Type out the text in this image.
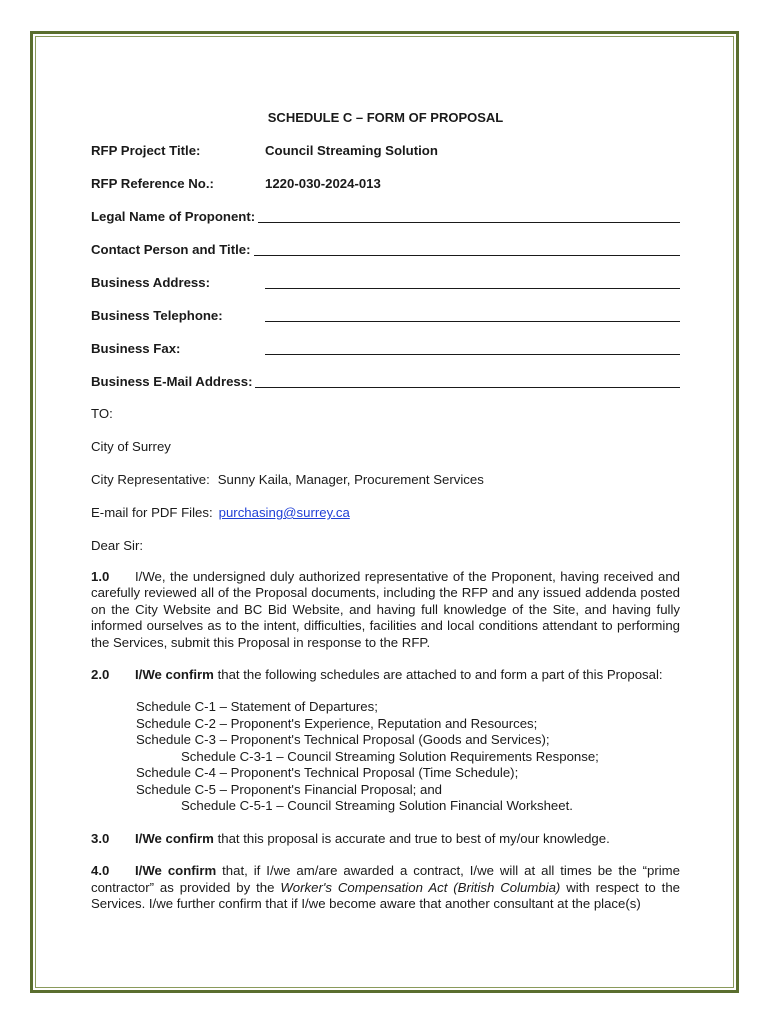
SCHEDULE C – FORM OF PROPOSAL
RFP Project Title:	Council Streaming Solution
RFP Reference No.:	1220-030-2024-013
Legal Name of Proponent:
Contact Person and Title:
Business Address:
Business Telephone:
Business Fax:
Business E-Mail Address:
TO:
City of Surrey
City Representative: Sunny Kaila, Manager, Procurement Services
E-mail for PDF Files: purchasing@surrey.ca
Dear Sir:

1.0 I/We, the undersigned duly authorized representative of the Proponent, having received and carefully reviewed all of the Proposal documents, including the RFP and any issued addenda posted on the City Website and BC Bid Website, and having full knowledge of the Site, and having fully informed ourselves as to the intent, difficulties, facilities and local conditions attendant to performing the Services, submit this Proposal in response to the RFP.

2.0 I/We confirm that the following schedules are attached to and form a part of this Proposal:

Schedule C-1 – Statement of Departures;
Schedule C-2 – Proponent's Experience, Reputation and Resources;
Schedule C-3 – Proponent's Technical Proposal (Goods and Services);
Schedule C-3-1 – Council Streaming Solution Requirements Response;
Schedule C-4 – Proponent's Technical Proposal (Time Schedule);
Schedule C-5 – Proponent's Financial Proposal; and
Schedule C-5-1 – Council Streaming Solution Financial Worksheet.

3.0 I/We confirm that this proposal is accurate and true to best of my/our knowledge.

4.0 I/We confirm that, if I/we am/are awarded a contract, I/we will at all times be the “prime contractor” as provided by the Worker's Compensation Act (British Columbia) with respect to the Services. I/we further confirm that if I/we become aware that another consultant at the place(s)
